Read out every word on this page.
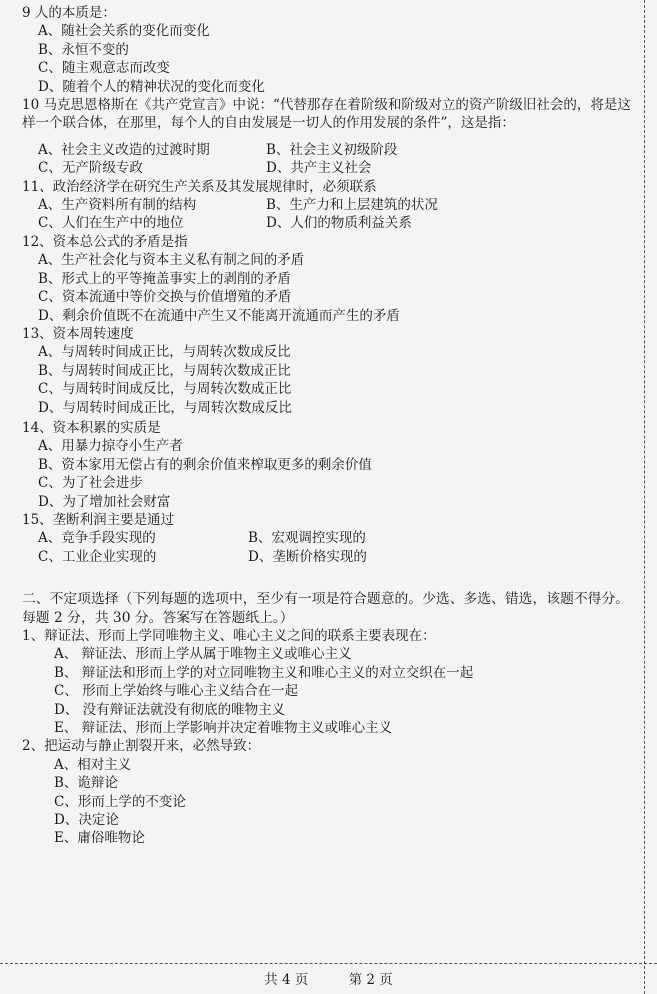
9 人的本质是：
A、随社会关系的变化而变化
B、永恒不变的
C、随主观意志而改变
D、随着个人的精神状况的变化而变化
10 马克思恩格斯在《共产党宣言》中说：“代替那存在着阶级和阶级对立的资产阶级旧社会的，将是这样一个联合体，在那里，每个人的自由发展是一切人的作用发展的条件”，这是指：
A、社会主义改造的过渡时期	B、社会主义初级阶段
C、无产阶级专政	D、共产主义社会
11、政治经济学在研究生产关系及其发展规律时，必须联系
A、生产资料所有制的结构	B、生产力和上层建筑的状况
C、人们在生产中的地位	D、人们的物质利益关系
12、资本总公式的矛盾是指
A、生产社会化与资本主义私有制之间的矛盾
B、形式上的平等掩盖事实上的剥削的矛盾
C、资本流通中等价交换与价值增殖的矛盾
D、剩余价值既不在流通中产生又不能离开流通而产生的矛盾
13、资本周转速度
A、与周转时间成正比，与周转次数成反比
B、与周转时间成正比，与周转次数成正比
C、与周转时间成反比，与周转次数成正比
D、与周转时间成正比，与周转次数成反比
14、资本积累的实质是
A、用暴力掠夺小生产者
B、资本家用无偿占有的剩余价值来榨取更多的剩余价值
C、为了社会进步
D、为了增加社会财富
15、垄断利润主要是通过
A、竞争手段实现的	B、宏观调控实现的
C、工业企业实现的	D、垄断价格实现的
二、不定项选择（下列每题的选项中，至少有一项是符合题意的。少选、多选、错选，该题不得分。每题 2 分，共 30 分。答案写在答题纸上。）
1、辩证法、形而上学同唯物主义、唯心主义之间的联系主要表现在：
A、 辩证法、形而上学从属于唯物主义或唯心主义
B、 辩证法和形而上学的对立同唯物主义和唯心主义的对立交织在一起
C、 形而上学始终与唯心主义结合在一起
D、 没有辩证法就没有彻底的唯物主义
E、 辩证法、形而上学影响并决定着唯物主义或唯心主义
2、把运动与静止割裂开来，必然导致：
A、相对主义
B、诡辩论
C、形而上学的不变论
D、决定论
E、庸俗唯物论
共 4 页	第 2 页
